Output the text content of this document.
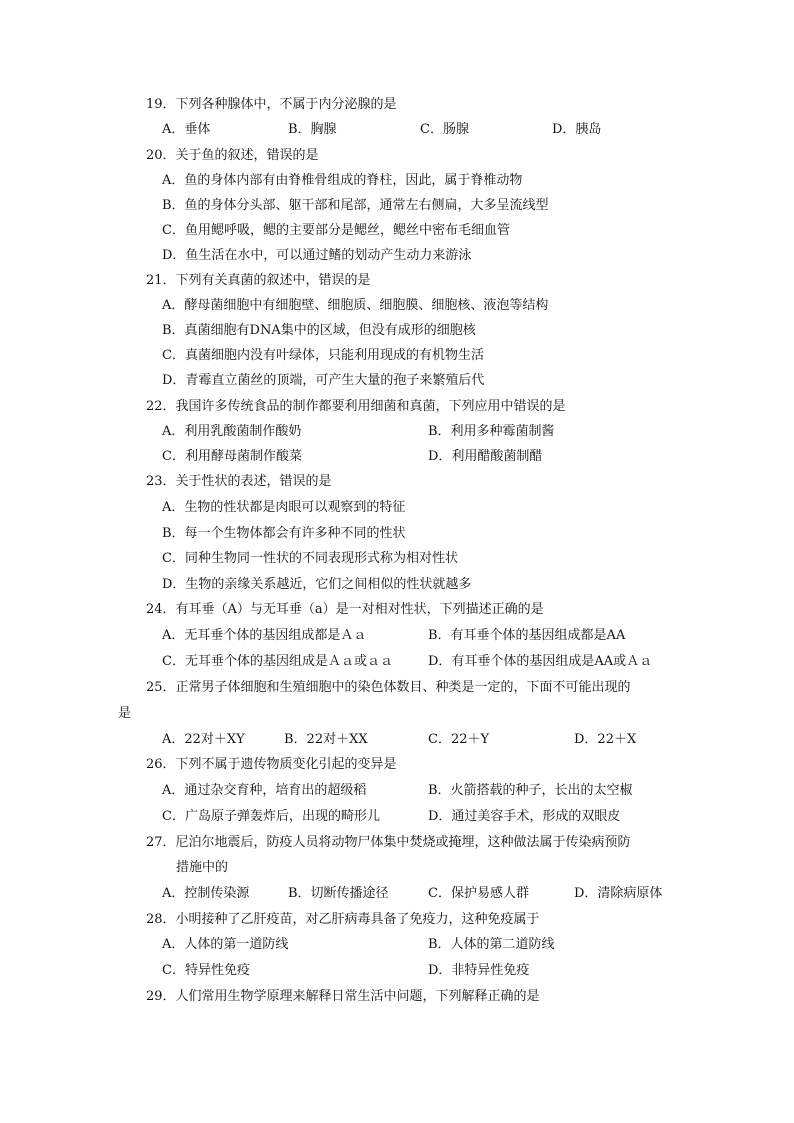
19．下列各种腺体中，不属于内分泌腺的是
A．垂体	B．胸腺	C．肠腺	D．胰岛
20．关于鱼的叙述，错误的是
A．鱼的身体内部有由脊椎骨组成的脊柱，因此，属于脊椎动物
B．鱼的身体分头部、躯干部和尾部，通常左右侧扁，大多呈流线型
C．鱼用鳃呼吸，鳃的主要部分是鳃丝，鳃丝中密布毛细血管
D．鱼生活在水中，可以通过鳍的划动产生动力来游泳
21．下列有关真菌的叙述中，错误的是
A．酵母菌细胞中有细胞壁、细胞质、细胞膜、细胞核、液泡等结构
B．真菌细胞有DNA集中的区域，但没有成形的细胞核
C．真菌细胞内没有叶绿体，只能利用现成的有机物生活
D．青霉直立菌丝的顶端，可产生大量的孢子来繁殖后代
22．我国许多传统食品的制作都要利用细菌和真菌，下列应用中错误的是
A．利用乳酸菌制作酸奶	B．利用多种霉菌制酱
C．利用酵母菌制作酸菜	D．利用醋酸菌制醋
23．关于性状的表述，错误的是
A．生物的性状都是肉眼可以观察到的特征
B．每一个生物体都会有许多种不同的性状
C．同种生物同一性状的不同表现形式称为相对性状
D．生物的亲缘关系越近，它们之间相似的性状就越多
24．有耳垂（A）与无耳垂（a）是一对相对性状，下列描述正确的是
A．无耳垂个体的基因组成都是Ａａ	B．有耳垂个体的基因组成都是AA
C．无耳垂个体的基因组成是Ａａ或ａａ	D．有耳垂个体的基因组成是AA或Ａａ
25．正常男子体细胞和生殖细胞中的染色体数目、种类是一定的，下面不可能出现的
是
A．22对＋XY	B．22对＋XX	C．22＋Y	D．22＋X
26．下列不属于遗传物质变化引起的变异是
A．通过杂交育种，培育出的超级稻	B．火箭搭载的种子，长出的太空椒
C．广岛原子弹轰炸后，出现的畸形儿	D．通过美容手术，形成的双眼皮
27．尼泊尔地震后，防疫人员将动物尸体集中焚烧或掩埋，这种做法属于传染病预防
措施中的
A．控制传染源	B．切断传播途径	C．保护易感人群	D．清除病原体
28．小明接种了乙肝疫苗，对乙肝病毒具备了免疫力，这种免疫属于
A．人体的第一道防线	B．人体的第二道防线
C．特异性免疫	D．非特异性免疫
29．人们常用生物学原理来解释日常生活中问题，下列解释正确的是
